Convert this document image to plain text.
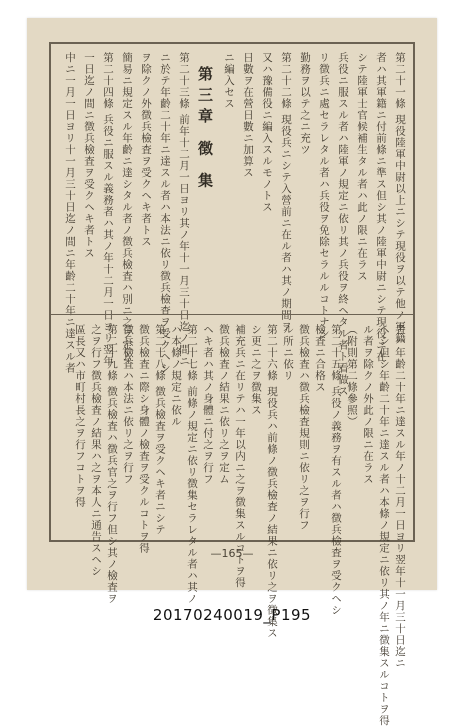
第二十一條 現役陸軍中尉以上ニシテ現役ヲ以テ他ノ軍籍
者ハ其軍籍ニ付前條ニ準ス但シ其ノ陸軍中尉ニシテ現役ニ在
シテ陸軍士官候補生タル者ハ此ノ限ニ在ラス
兵役ニ服スル者ハ陸軍ノ規定ニ依リ其ノ兵役ヲ終ヘタル者ト看做ス
リ徴兵ニ處セラレタル者ハ兵役ヲ免除セラルルコトナシ
勤務ヲ以テ之ニ充ツ
第二十二條 現役兵ニシテ入營前ニ在ル者ハ其ノ期間ヲ
又ハ豫備役ニ編入スルモノトス
日數ヲ在營日數ニ加算ス
ニ編入セス
第三章 徴 集
第二十三條 前年十二月一日ヨリ其ノ年十一月三十日迄ノ間ニ
ニ於テ年齡二十年ニ達スル者ハ本法ニ依リ徴兵檢査ヲ受クヘシ
ヲ除クノ外徴兵檢査ヲ受クヘキ者トス
簡易ニ規定スル年齡ニ達シタル者ノ徴兵檢査ハ別ニ之ヲ定ム
第二十四條 兵役ニ服スル義務者ハ其ノ年十二月一日ヨリ翌年
一日迄ノ間ニ徴兵檢査ヲ受クヘキ者トス
中ニ一月一日ヨリ十一月三十日迄ノ間ニ年齡二十年ニ達スル者
者ハ年齡二十年ニ達スル年ノ十二月一日ヨリ翌年十一月三十日迄ニ
ヘシ但シ年齡二十年ニ達スル者ハ本條ノ規定ニ依リ其ノ年ニ徴集スルコトヲ得
ル者ヲ除クノ外此ノ限ニ在ラス
（附則第二條參照）
第二十五條 兵役ノ義務ヲ有スル者ハ徴兵檢査ヲ受クヘシ
檢査ニ合格ス
徴兵檢査ハ徴兵檢査規則ニ依リ之ヲ行フ
ル所ニ依リ
第二十六條 現役兵ハ前條ノ徴兵檢査ノ結果ニ依リ之ヲ徴集ス
シ更ニ之ヲ徴集ス
補充兵ニ在リテハ一年以内ニ之ヲ徴集スルコトヲ得
徴兵檢査ノ結果ニ依リ之ヲ定ム
ヘキ者ハ其ノ身體ニ付之ヲ行フ
第二十七條 前條ノ規定ニ依リ徴集セラレタル者ハ其ノ
ハ本條ノ規定ニ依ル
第二十八條 徴兵檢査ヲ受クヘキ者ニシテ
徴兵檢査ニ際シ身體ノ檢査ヲ受クルコトヲ得
徴兵檢査ハ本法ニ依リ之ヲ行フ
第二十九條 徴兵檢査ハ徴兵官之ヲ行フ但シ其ノ檢査ヲ
之ヲ行フ徴兵檢査ノ結果ハ之ヲ本人ニ通告スヘシ
區長又ハ市町村長之ヲ行フコトヲ得
—165—
20170240019_P195
